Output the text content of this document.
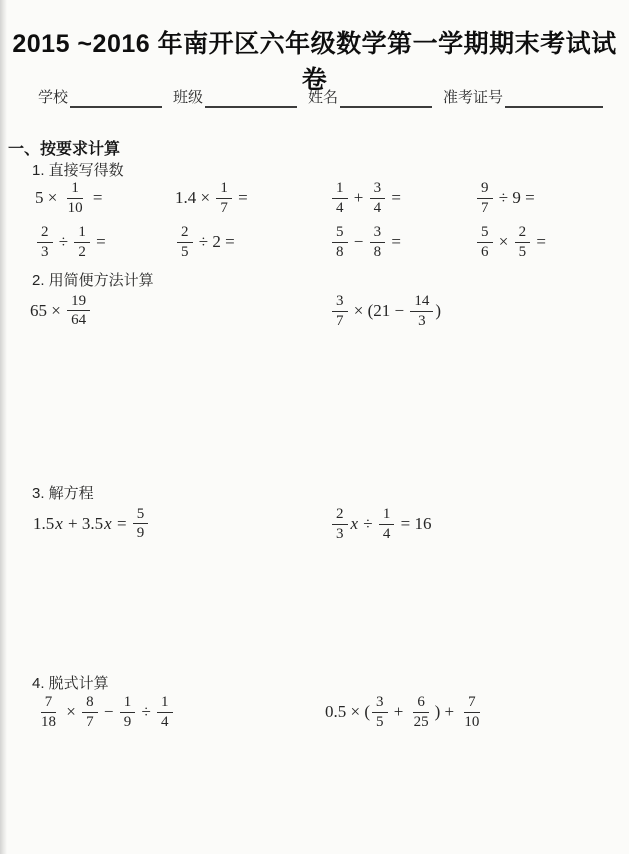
2015 ~2016 年南开区六年级数学第一学期期末考试试卷
学校	班级	姓名	准考证号
一、按要求计算
1. 直接写得数
$5 \times \frac{1}{10}$ =	$1.4 \times \frac{1}{7}$ =	$\frac{1}{4} + \frac{3}{4}$ =	$\frac{9}{7} \div 9$ =
$\frac{2}{3} \div \frac{1}{2}$ =	$\frac{2}{5} \div 2$ =	$\frac{5}{8} - \frac{3}{8}$ =	$\frac{5}{6} \times \frac{2}{5}$ =
2. 用简便方法计算
$65 \times \frac{19}{64}$	$\frac{3}{7} \times (21 - \frac{14}{3}$ )
3. 解方程
1.5 x + 3.5 $x = \frac{5}{9}$	$\frac{2}{3}$ $x \div \frac{1}{4} = 16$
4. 脱式计算
$\frac{7}{18} \times \frac{8}{7} - \frac{1}{9} \div \frac{1}{4}$	0.5 × ( $\frac{3}{5} + \frac{6}{25}$ ) + $\frac{7}{10}$
